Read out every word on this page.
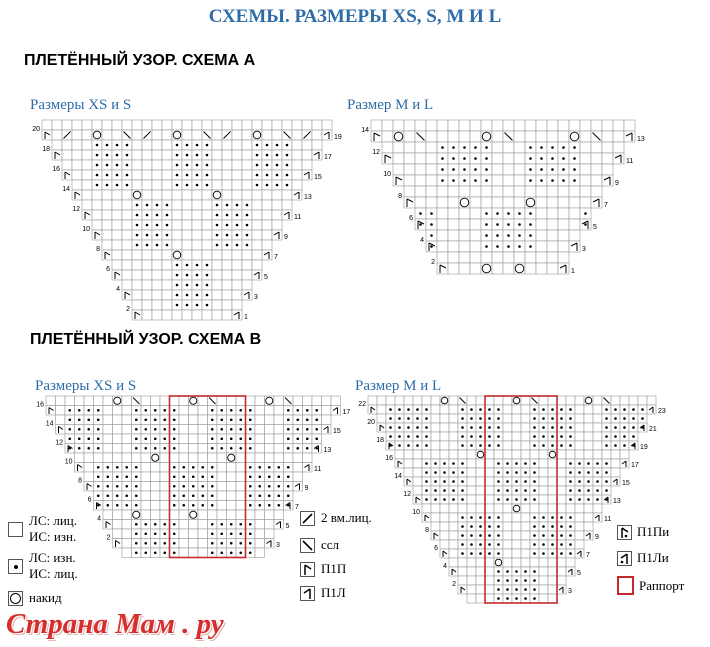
СХЕМЫ. РАЗМЕРЫ XS, S, M И L
ПЛЕТЁННЫЙ УЗОР. СХЕМА А
Размеры XS и S	Размер M и L
20
18
16
14
12
10
8
6
4
2
19
17
15
13
11
9
7
5
3
1
14
12
10
8
6
4
2
13
11
9
7
5
3
1
ПЛЕТЁННЫЙ УЗОР. СХЕМА В
Размеры XS и S	Размер M и L
16
14
12
10
8
6
4
2
17
15
13
11
9
7
5
3
22
20
18
16
14
12
10
8
6
4
2
23
21
19
17
15
13
11
9
7
5
3
ЛС: лиц.
ИС: изн.
ЛС: изн.
ИС: лиц.
накид
2 вм.лиц.
ссл
П1П
П1Л
П1Пи
П1Ли
Раппорт
Страна Мам . ру
